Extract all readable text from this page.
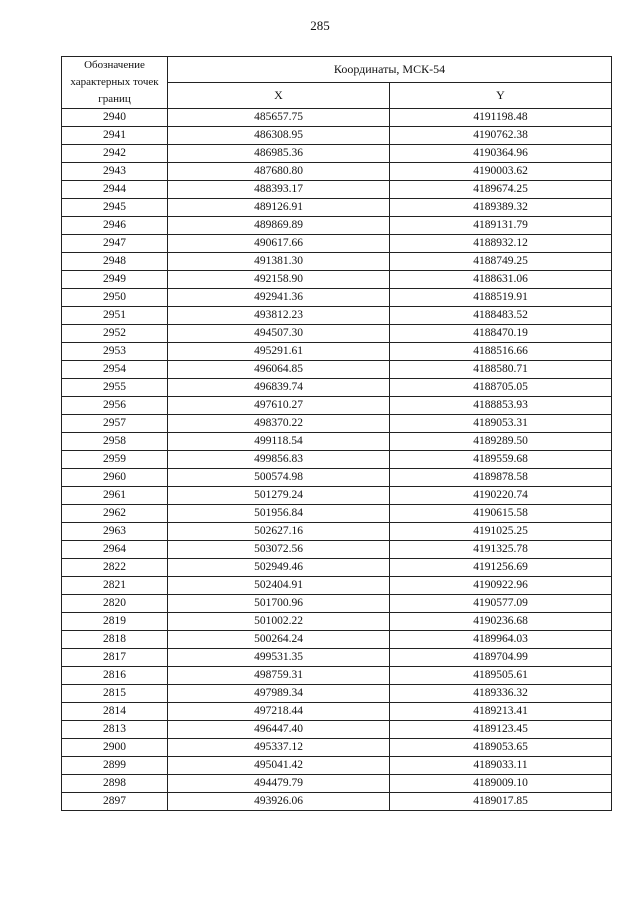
285
Обозначение характерных точек границ	Координаты, МСК-54	
	X	Y
2940	485657.75	4191198.48
2941	486308.95	4190762.38
2942	486985.36	4190364.96
2943	487680.80	4190003.62
2944	488393.17	4189674.25
2945	489126.91	4189389.32
2946	489869.89	4189131.79
2947	490617.66	4188932.12
2948	491381.30	4188749.25
2949	492158.90	4188631.06
2950	492941.36	4188519.91
2951	493812.23	4188483.52
2952	494507.30	4188470.19
2953	495291.61	4188516.66
2954	496064.85	4188580.71
2955	496839.74	4188705.05
2956	497610.27	4188853.93
2957	498370.22	4189053.31
2958	499118.54	4189289.50
2959	499856.83	4189559.68
2960	500574.98	4189878.58
2961	501279.24	4190220.74
2962	501956.84	4190615.58
2963	502627.16	4191025.25
2964	503072.56	4191325.78
2822	502949.46	4191256.69
2821	502404.91	4190922.96
2820	501700.96	4190577.09
2819	501002.22	4190236.68
2818	500264.24	4189964.03
2817	499531.35	4189704.99
2816	498759.31	4189505.61
2815	497989.34	4189336.32
2814	497218.44	4189213.41
2813	496447.40	4189123.45
2900	495337.12	4189053.65
2899	495041.42	4189033.11
2898	494479.79	4189009.10
2897	493926.06	4189017.85
